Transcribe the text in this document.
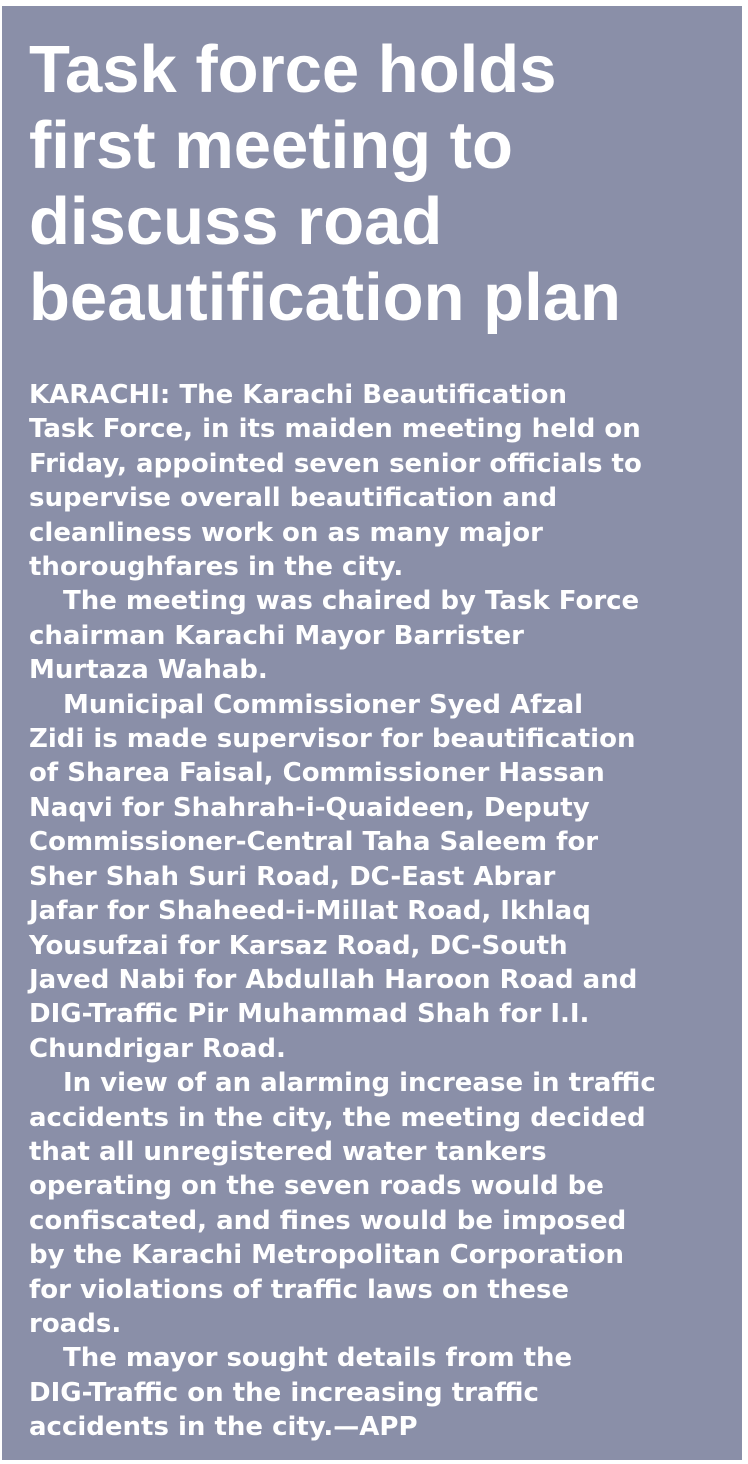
Task force holds
first meeting to
discuss road
beautification plan

KARACHI: The Karachi Beautification
Task Force, in its maiden meeting held on
Friday, appointed seven senior officials to
supervise overall beautification and
cleanliness work on as many major
thoroughfares in the city.

The meeting was chaired by Task Force
chairman Karachi Mayor Barrister
Murtaza Wahab.

Municipal Commissioner Syed Afzal
Zidi is made supervisor for beautification
of Sharea Faisal, Commissioner Hassan
Naqvi for Shahrah-i-Quaideen, Deputy
Commissioner-Central Taha Saleem for
Sher Shah Suri Road, DC-East Abrar
Jafar for Shaheed-i-Millat Road, Ikhlaq
Yousufzai for Karsaz Road, DC-South
Javed Nabi for Abdullah Haroon Road and
DIG-Traffic Pir Muhammad Shah for I.I.
Chundrigar Road.

In view of an alarming increase in traffic
accidents in the city, the meeting decided
that all unregistered water tankers
operating on the seven roads would be
confiscated, and fines would be imposed
by the Karachi Metropolitan Corporation
for violations of traffic laws on these
roads.

The mayor sought details from the
DIG-Traffic on the increasing traffic
accidents in the city.—APP
